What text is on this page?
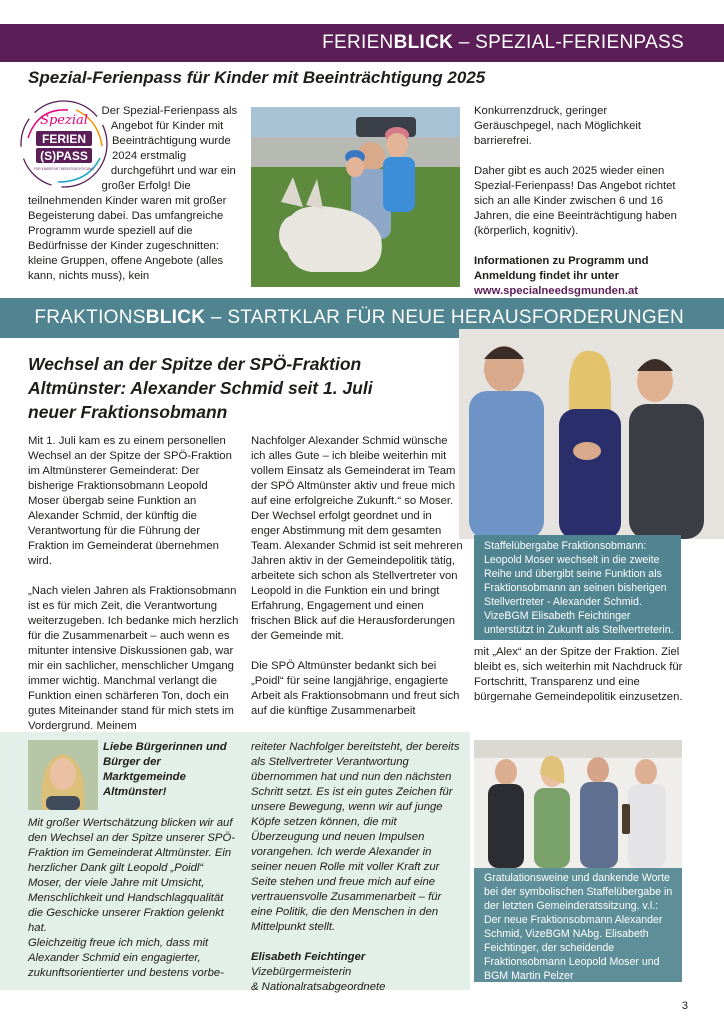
FERIENBLICK – SPEZIAL-FERIENPASS
Spezial-Ferienpass für Kinder mit Beeinträchtigung 2025
Spezial
FERIEN
(S)PASS
FÜR KINDER MIT BEEINTRÄCHTIGUNG
Der Spezial-Ferienpass als Angebot für Kinder mit Beeinträchtigung wurde 2024 erstmalig durchgeführt und war ein großer Erfolg! Die teilnehmenden Kinder waren mit großer Begeisterung dabei. Das umfangreiche Programm wurde speziell auf die Bedürfnisse der Kinder zugeschnitten: kleine Gruppen, offene Angebote (alles kann, nichts muss), kein

Konkurrenzdruck, geringer Geräuschpegel, nach Möglichkeit barrierefrei.

Daher gibt es auch 2025 wieder einen Spezial-Ferienpass! Das Angebot richtet sich an alle Kinder zwischen 6 und 16 Jahren, die eine Beeinträchtigung haben (körperlich, kognitiv).

Informationen zu Programm und Anmeldung findet ihr unter
www.specialneedsgmunden.at

FRAKTIONSBLICK – STARTKLAR FÜR NEUE HERAUSFORDERUNGEN
Wechsel an der Spitze der SPÖ-Fraktion Altmünster: Alexander Schmid seit 1. Juli neuer Fraktionsobmann
Staffelübergabe Fraktionsobmann: Leopold Moser wechselt in die zweite Reihe und übergibt seine Funktion als Fraktionsobmann an seinen bisherigen Stellvertreter - Alexander Schmid. VizeBGM Elisabeth Feichtinger unterstützt in Zukunft als Stellvertreterin.

Mit 1. Juli kam es zu einem personellen Wechsel an der Spitze der SPÖ-Fraktion im Altmünsterer Gemeinderat: Der bisherige Fraktionsobmann Leopold Moser übergab seine Funktion an Alexander Schmid, der künftig die Verantwortung für die Führung der Fraktion im Gemeinderat übernehmen wird.

„Nach vielen Jahren als Fraktionsobmann ist es für mich Zeit, die Verantwortung weiterzugeben. Ich bedanke mich herzlich für die Zusammenarbeit – auch wenn es mitunter intensive Diskussionen gab, war mir ein sachlicher, menschlicher Umgang immer wichtig. Manchmal verlangt die Funktion einen schärferen Ton, doch ein gutes Miteinander stand für mich stets im Vordergrund. Meinem

Nachfolger Alexander Schmid wünsche ich alles Gute – ich bleibe weiterhin mit vollem Einsatz als Gemeinderat im Team der SPÖ Altmünster aktiv und freue mich auf eine erfolgreiche Zukunft.“ so Moser. Der Wechsel erfolgt geordnet und in enger Abstimmung mit dem gesamten Team. Alexander Schmid ist seit mehreren Jahren aktiv in der Gemeindepolitik tätig, arbeitete sich schon als Stellvertreter von Leopold in die Funktion ein und bringt Erfahrung, Engagement und einen frischen Blick auf die Herausforderungen der Gemeinde mit.

Die SPÖ Altmünster bedankt sich bei „Poidl“ für seine langjährige, engagierte Arbeit als Fraktionsobmann und freut sich auf die künftige Zusammenarbeit

mit „Alex“ an der Spitze der Fraktion. Ziel bleibt es, sich weiterhin mit Nachdruck für Fortschritt, Transparenz und eine bürgernahe Gemeindepolitik einzusetzen.

Liebe Bürgerinnen und Bürger der Marktgemeinde Altmünster!

Mit großer Wertschätzung blicken wir auf den Wechsel an der Spitze unserer SPÖ-Fraktion im Gemeinderat Altmünster. Ein herzlicher Dank gilt Leopold „Poidl“ Moser, der viele Jahre mit Umsicht, Menschlichkeit und Handschlagqualität die Geschicke unserer Fraktion gelenkt hat.

Gleichzeitig freue ich mich, dass mit Alexander Schmid ein engagierter, zukunftsorientierter und bestens vorbe-

reiteter Nachfolger bereitsteht, der bereits als Stellvertreter Verantwortung übernommen hat und nun den nächsten Schritt setzt. Es ist ein gutes Zeichen für unsere Bewegung, wenn wir auf junge Köpfe setzen können, die mit Überzeugung und neuen Impulsen vorangehen. Ich werde Alexander in seiner neuen Rolle mit voller Kraft zur Seite stehen und freue mich auf eine vertrauensvolle Zusammenarbeit – für eine Politik, die den Menschen in den Mittelpunkt stellt.

Elisabeth Feichtinger
Vizebürgermeisterin
& Nationalratsabgeordnete

Gratulationsweine und dankende Worte bei der symbolischen Staffelübergabe in der letzten Gemeinderatssitzung. v.l.: Der neue Fraktionsobmann Alexander Schmid, VizeBGM NAbg. Elisabeth Feichtinger, der scheidende Fraktionsobmann Leopold Moser und BGM Martin Pelzer
3
